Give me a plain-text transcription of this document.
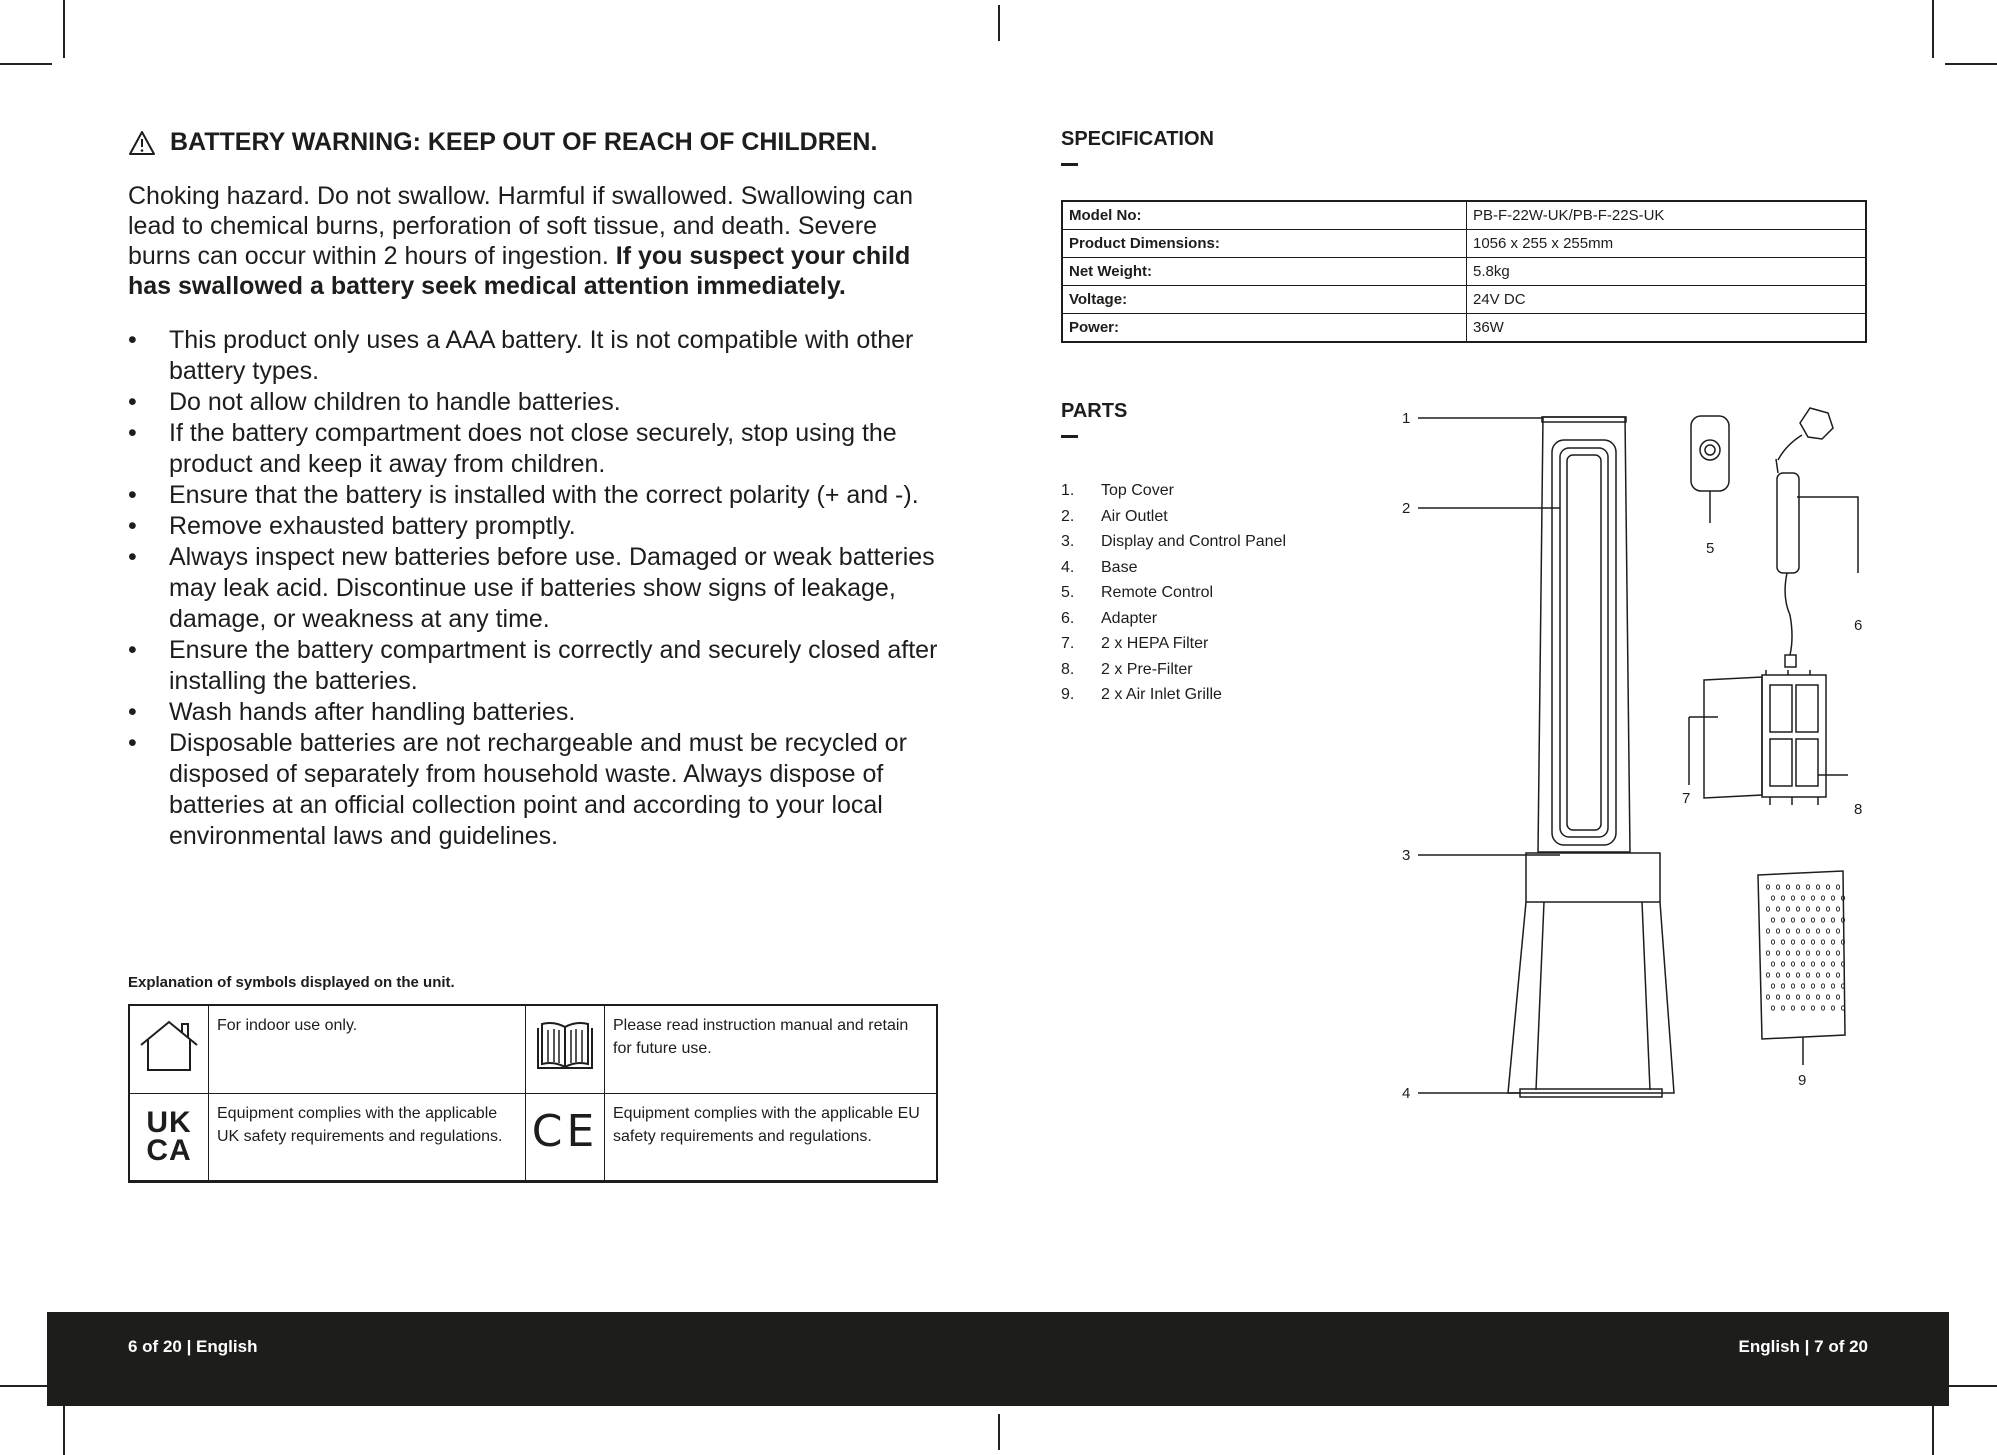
BATTERY WARNING: KEEP OUT OF REACH OF CHILDREN.

Choking hazard. Do not swallow. Harmful if swallowed. Swallowing can lead to chemical burns, perforation of soft tissue, and death. Severe burns can occur within 2 hours of ingestion. If you suspect your child has swallowed a battery seek medical attention immediately.

• This product only uses a AAA battery. It is not compatible with other battery types.
• Do not allow children to handle batteries.
• If the battery compartment does not close securely, stop using the product and keep it away from children.
• Ensure that the battery is installed with the correct polarity (+ and -).
• Remove exhausted battery promptly.
• Always inspect new batteries before use. Damaged or weak batteries may leak acid. Discontinue use if batteries show signs of leakage, damage, or weakness at any time.
• Ensure the battery compartment is correctly and securely closed after installing the batteries.
• Wash hands after handling batteries.
• Disposable batteries are not rechargeable and must be recycled or disposed of separately from household waste. Always dispose of batteries at an official collection point and according to your local environmental laws and guidelines.
Explanation of symbols displayed on the unit.
	For indoor use only.		Please read instruction manual and retain for future use.

UKCA	Equipment complies with the applicable UK safety requirements and regulations.	CE	Equipment complies with the applicable EU safety requirements and regulations.
SPECIFICATION
Model No:	PB-F-22W-UK/PB-F-22S-UK
Product Dimensions:	1056 x 255 x 255mm
Net Weight:	5.8kg
Voltage:	24V DC
Power:	36W
PARTS
1.	Top Cover
2.	Air Outlet
3.	Display and Control Panel
4.	Base
5.	Remote Control
6.	Adapter
7.	2 x HEPA Filter
8.	2 x Pre-Filter
9.	2 x Air Inlet Grille
1
2
3
4
5
6
7
8
9
6 of 20 | English	English | 7 of 20
